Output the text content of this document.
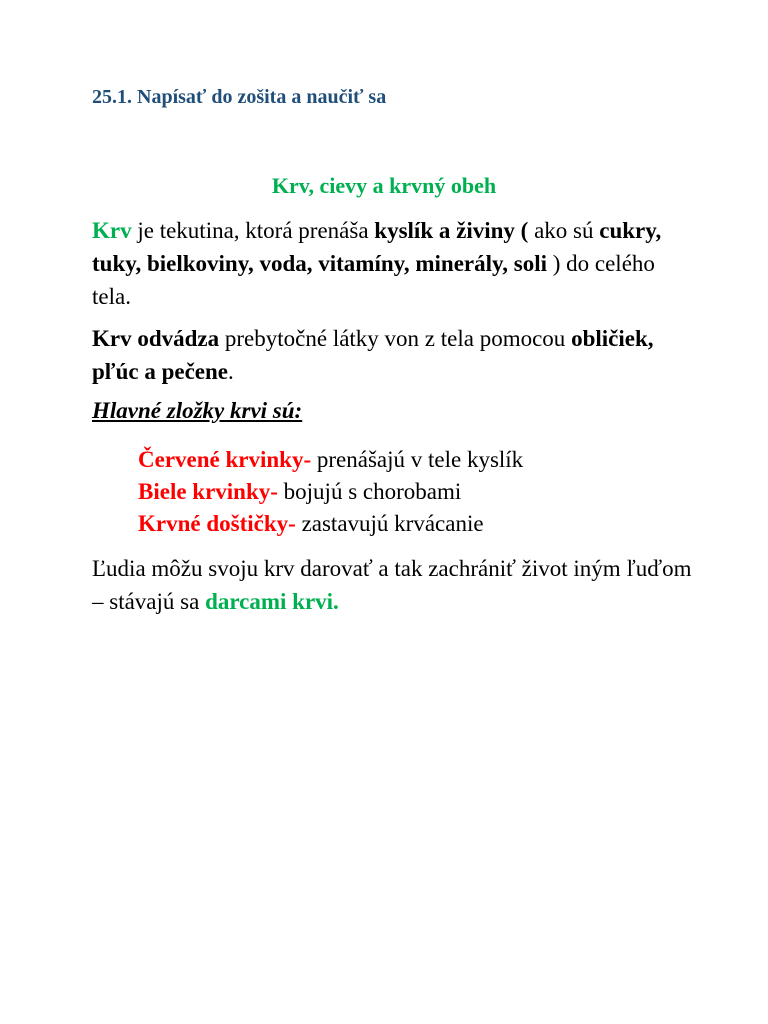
25.1. Napísať do zošita a naučiť sa
Krv, cievy a krvný obeh
Krv je tekutina, ktorá prenáša kyslík a živiny ( ako sú cukry, tuky, bielkoviny, voda, vitamíny, minerály, soli ) do celého tela.
Krv odvádza prebytočné látky von z tela pomocou obličiek, pľúc a pečene.
Hlavné zložky krvi sú:
Červené krvinky- prenášajú v tele kyslík
Biele krvinky- bojujú s chorobami
Krvné doštičky- zastavujú krvácanie
Ľudia môžu svoju krv darovať a tak zachrániť život iným ľuďom – stávajú sa darcami krvi.
